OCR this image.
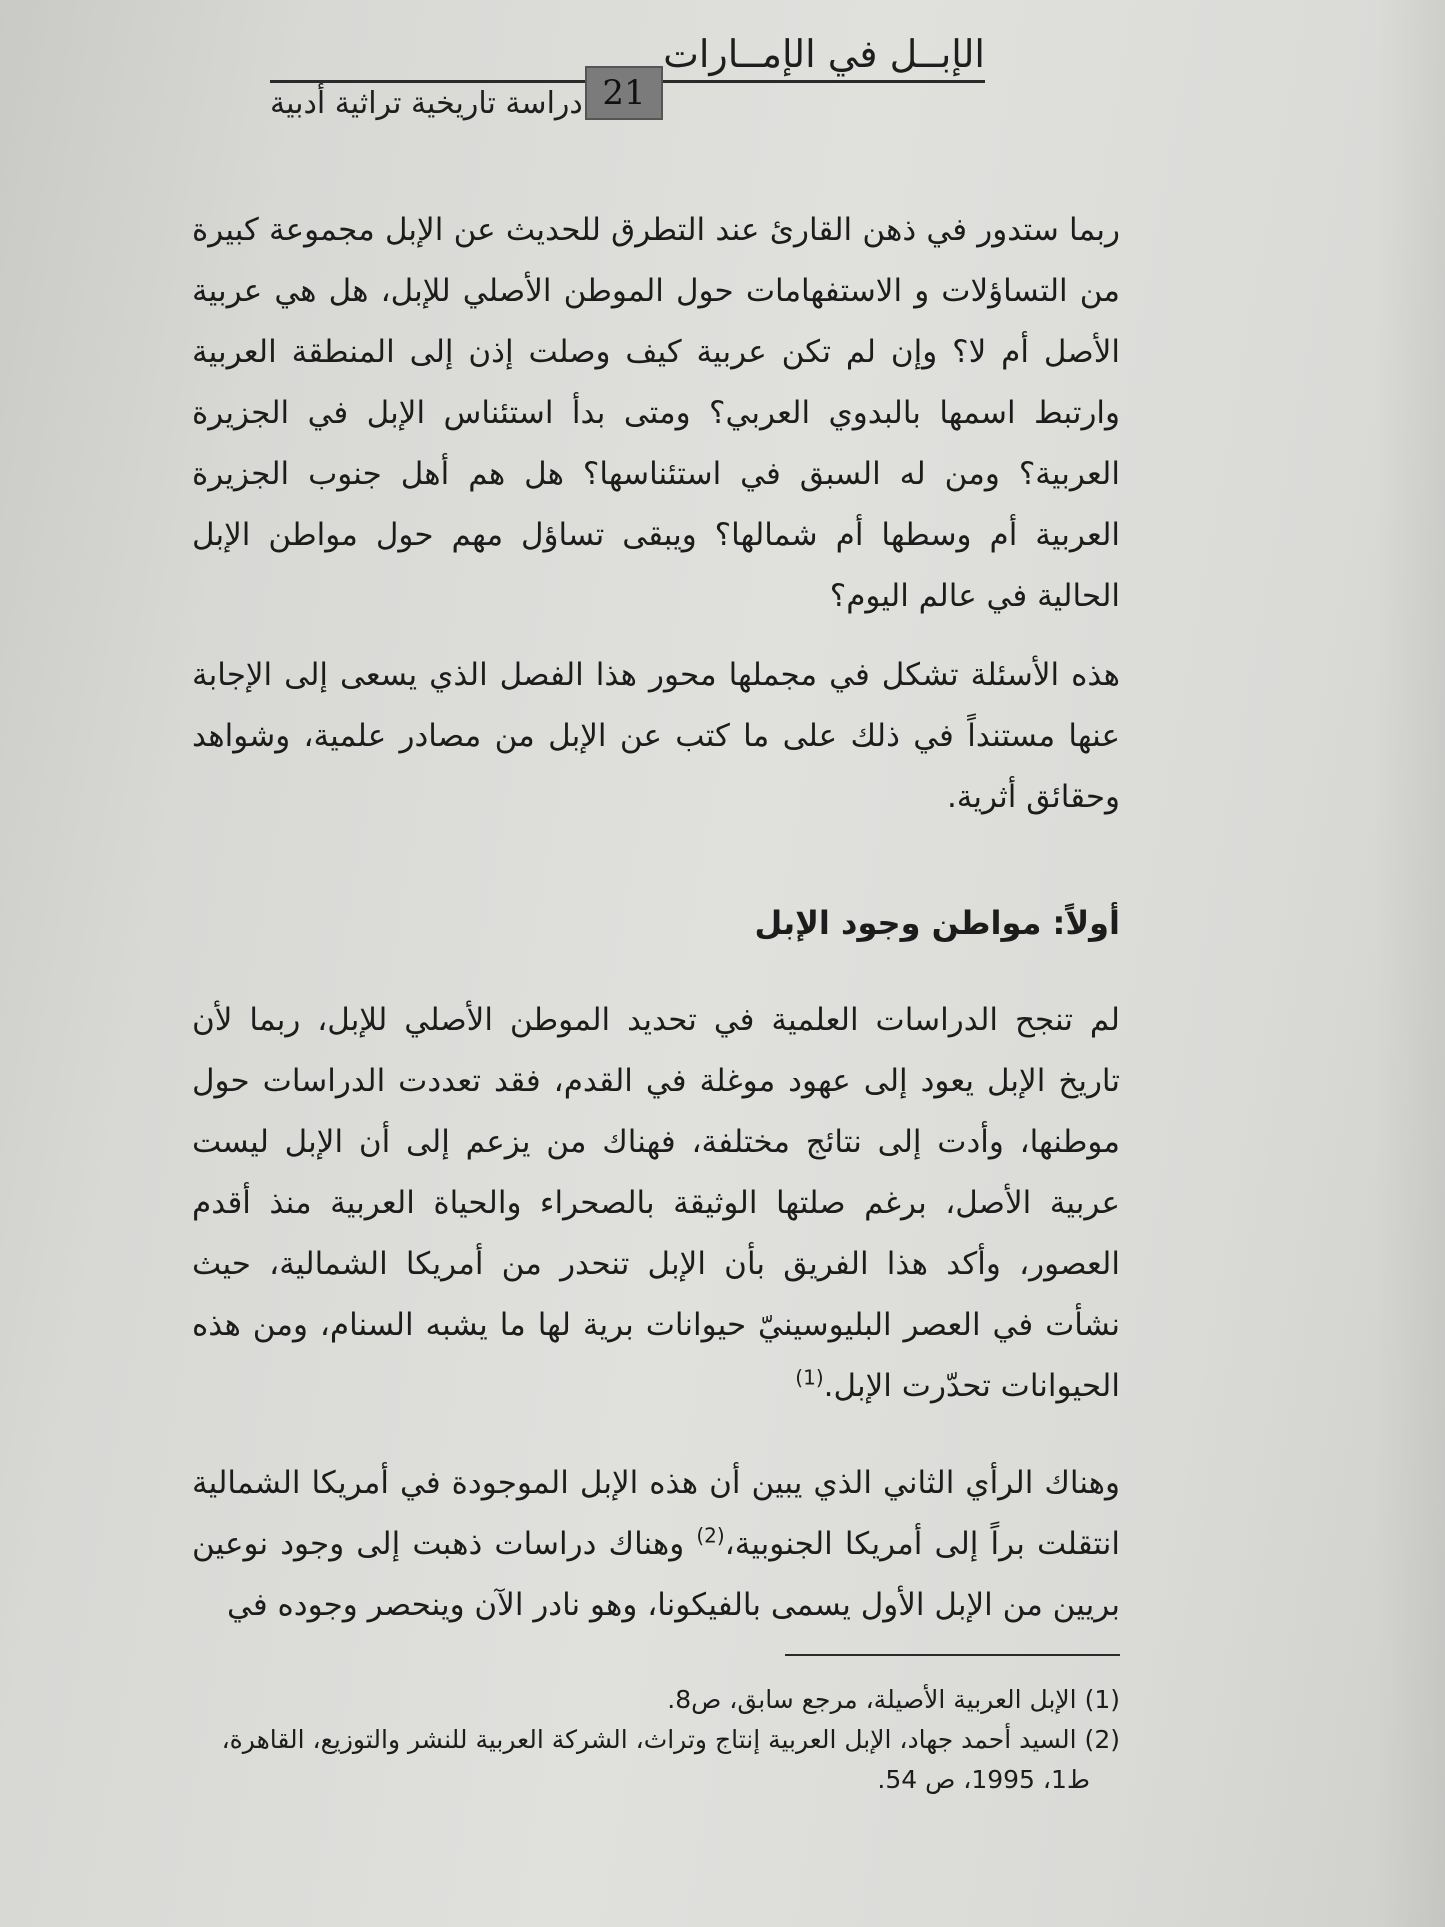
الإبــل في الإمــارات
21
دراسة تاريخية تراثية أدبية

ربما ستدور في ذهن القارئ عند التطرق للحديث عن الإبل مجموعة كبيرة من التساؤلات و الاستفهامات حول الموطن الأصلي للإبل، هل هي عربية الأصل أم لا؟ وإن لم تكن عربية كيف وصلت إذن إلى المنطقة العربية وارتبط اسمها بالبدوي العربي؟ ومتى بدأ استئناس الإبل في الجزيرة العربية؟ ومن له السبق في استئناسها؟ هل هم أهل جنوب الجزيرة العربية أم وسطها أم شمالها؟ ويبقى تساؤل مهم حول مواطن الإبل الحالية في عالم اليوم؟

هذه الأسئلة تشكل في مجملها محور هذا الفصل الذي يسعى إلى الإجابة عنها مستنداً في ذلك على ما كتب عن الإبل من مصادر علمية، وشواهد وحقائق أثرية.

أولاً: مواطن وجود الإبل

لم تنجح الدراسات العلمية في تحديد الموطن الأصلي للإبل، ربما لأن تاريخ الإبل يعود إلى عهود موغلة في القدم، فقد تعددت الدراسات حول موطنها، وأدت إلى نتائج مختلفة، فهناك من يزعم إلى أن الإبل ليست عربية الأصل، برغم صلتها الوثيقة بالصحراء والحياة العربية منذ أقدم العصور، وأكد هذا الفريق بأن الإبل تنحدر من أمريكا الشمالية، حيث نشأت في العصر البليوسينيّ حيوانات برية لها ما يشبه السنام، ومن هذه الحيوانات تحدّرت الإبل.$^{(1)}$

وهناك الرأي الثاني الذي يبين أن هذه الإبل الموجودة في أمريكا الشمالية انتقلت براً إلى أمريكا الجنوبية،$^{(2)}$ وهناك دراسات ذهبت إلى وجود نوعين بريين من الإبل الأول يسمى بالفيكونا، وهو نادر الآن وينحصر وجوده في

(1) الإبل العربية الأصيلة، مرجع سابق، ص8.

(2) السيد أحمد جهاد، الإبل العربية إنتاج وتراث، الشركة العربية للنشر والتوزيع، القاهرة،

ط1، 1995، ص 54.
